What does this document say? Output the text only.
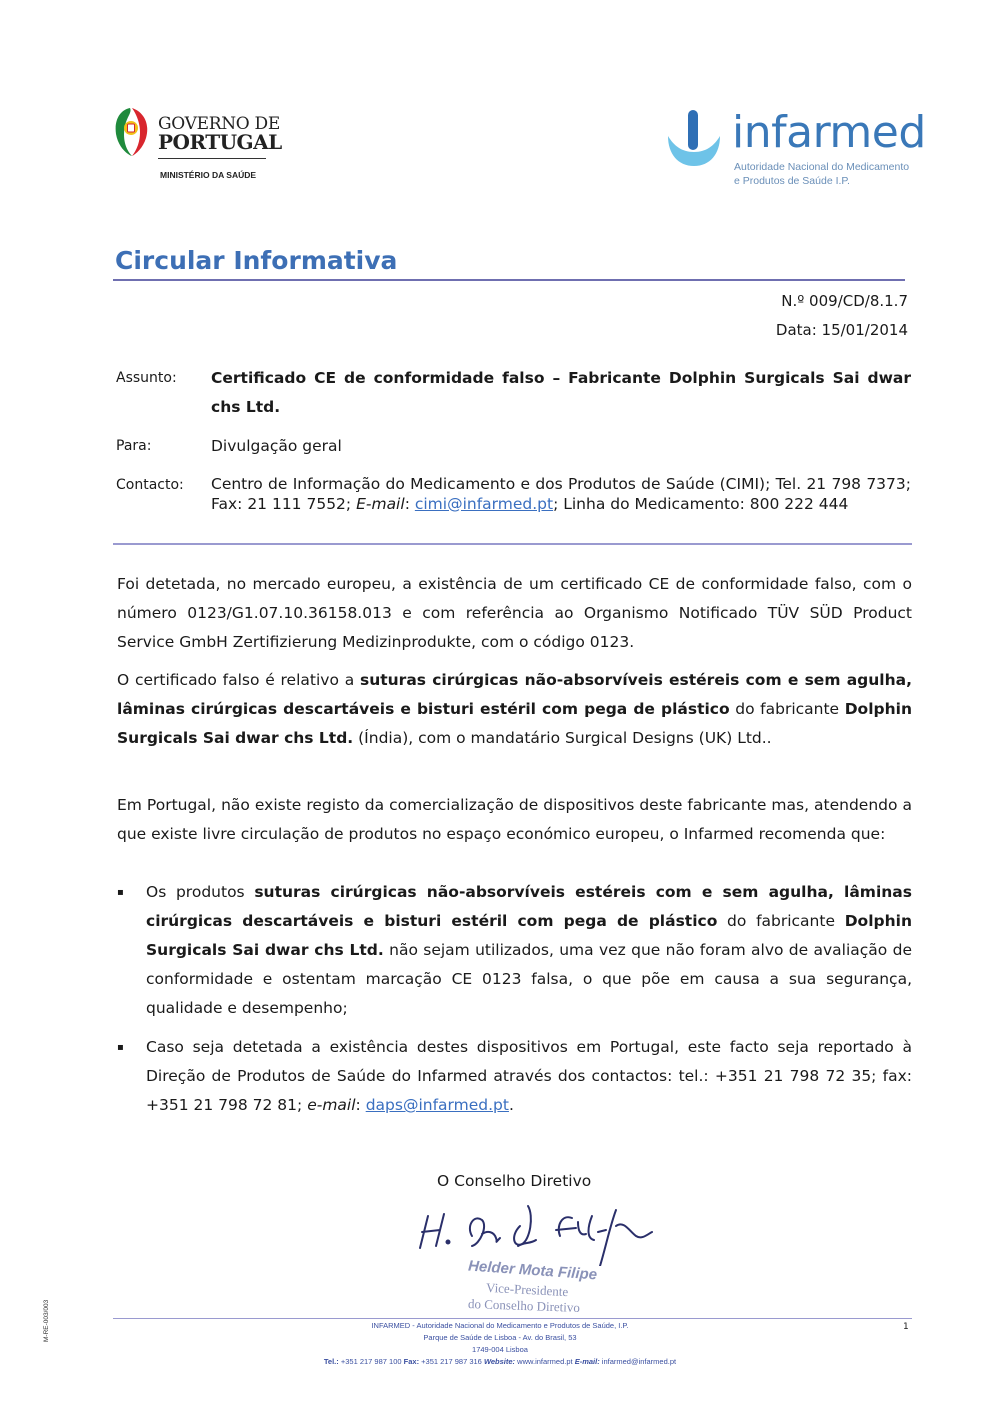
GOVERNO DE
PORTUGAL
MINISTÉRIO DA SAÚDE
infarmed
Autoridade Nacional do Medicamento
e Produtos de Saúde I.P.
Circular Informativa
N.º 009/CD/8.1.7
Data: 15/01/2014
Assunto: Certificado CE de conformidade falso – Fabricante Dolphin Surgicals Sai dwar chs Ltd.
Para:	Divulgação geral
Contacto: Centro de Informação do Medicamento e dos Produtos de Saúde (CIMI); Tel. 21 798 7373; Fax: 21 111 7552; E-mail: cimi@infarmed.pt; Linha do Medicamento: 800 222 444
Foi detetada, no mercado europeu, a existência de um certificado CE de conformidade falso, com o número 0123/G1.07.10.36158.013 e com referência ao Organismo Notificado TÜV SÜD Product Service GmbH Zertifizierung Medizinprodukte, com o código 0123.
O certificado falso é relativo a suturas cirúrgicas não-absorvíveis estéreis com e sem agulha, lâminas cirúrgicas descartáveis e bisturi estéril com pega de plástico do fabricante Dolphin Surgicals Sai dwar chs Ltd. (Índia), com o mandatário Surgical Designs (UK) Ltd..
Em Portugal, não existe registo da comercialização de dispositivos deste fabricante mas, atendendo a que existe livre circulação de produtos no espaço económico europeu, o Infarmed recomenda que:
▪ Os produtos suturas cirúrgicas não-absorvíveis estéreis com e sem agulha, lâminas cirúrgicas descartáveis e bisturi estéril com pega de plástico do fabricante Dolphin Surgicals Sai dwar chs Ltd. não sejam utilizados, uma vez que não foram alvo de avaliação de conformidade e ostentam marcação CE 0123 falsa, o que põe em causa a sua segurança, qualidade e desempenho;
▪ Caso seja detetada a existência destes dispositivos em Portugal, este facto seja reportado à Direção de Produtos de Saúde do Infarmed através dos contactos: tel.: +351 21 798 72 35; fax: +351 21 798 72 81; e-mail: daps@infarmed.pt.
O Conselho Diretivo
Helder Mota Filipe
Vice-Presidente
do Conselho Diretivo
INFARMED - Autoridade Nacional do Medicamento e Produtos de Saúde, I.P.
Parque de Saúde de Lisboa - Av. do Brasil, 53
1749-004 Lisboa
Tel.: +351 217 987 100 Fax: +351 217 987 316 Website: www.infarmed.pt E-mail: infarmed@infarmed.pt
1
M-RE-003/003
